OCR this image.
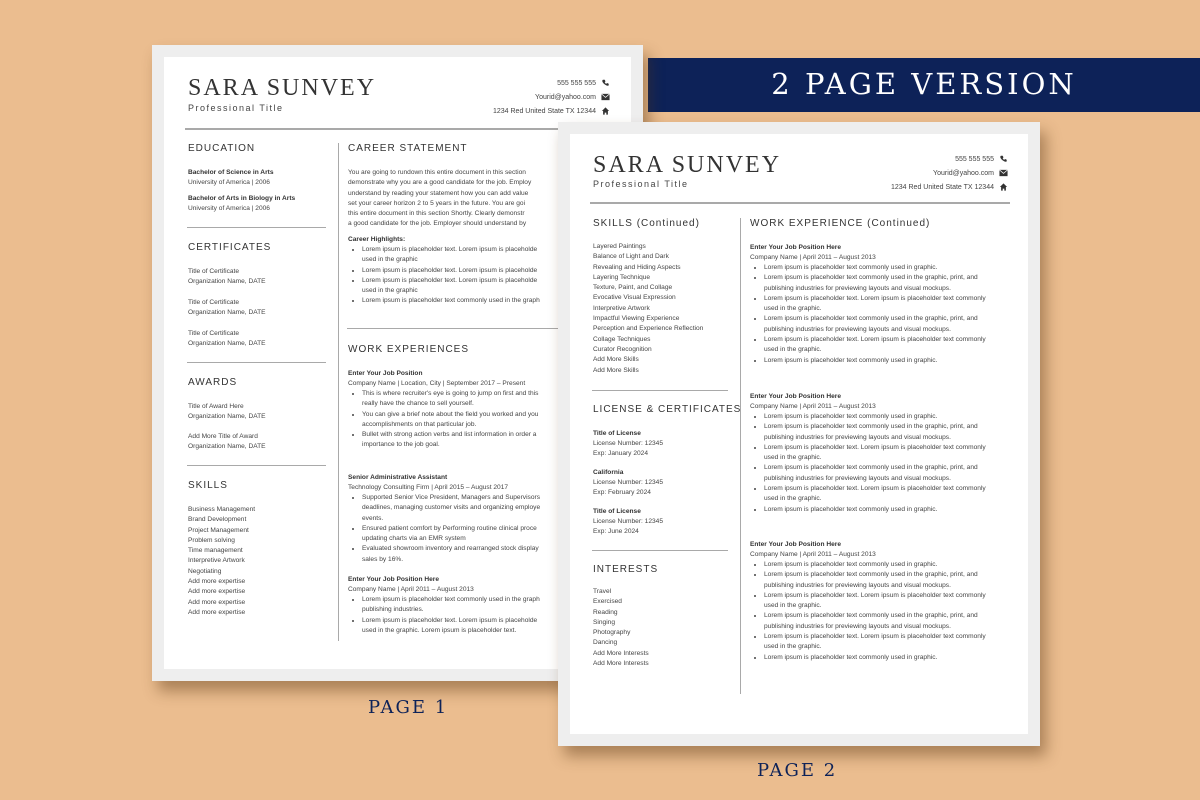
2 PAGE VERSION
SARA SUNVEY
Professional Title
555 555 555
Yourid@yahoo.com
1234 Red United State TX 12344
EDUCATION
Bachelor of Science in Arts
University of America | 2006
Bachelor of Arts in Biology in Arts
University of America | 2006
CERTIFICATES
Title of Certificate
Organization Name, DATE
Title of Certificate
Organization Name, DATE
Title of Certificate
Organization Name, DATE
AWARDS
Title of Award Here
Organization Name, DATE
Add More Title of Award
Organization Name, DATE
SKILLS
Business Management
Brand Development
Project Management
Problem solving
Time management
Interpretive Artwork
Negotiating
Add more expertise
Add more expertise
Add more expertise
Add more expertise
CAREER STATEMENT
You are going to rundown this entire document in this section
demonstrate why you are a good candidate for the job. Employ
understand by reading your statement how you can add value
set your career horizon 2 to 5 years in the future. You are goi
this entire document in this section Shortly. Clearly demonstr
a good candidate for the job. Employer should understand by
Career Highlights:
• Lorem ipsum is placeholder text. Lorem ipsum is placeholde
used in the graphic
• Lorem ipsum is placeholder text. Lorem ipsum is placeholde
• Lorem ipsum is placeholder text. Lorem ipsum is placeholde
used in the graphic
• Lorem ipsum is placeholder text commonly used in the graph
WORK EXPERIENCES
Enter Your Job Position
Company Name | Location, City | September 2017 – Present
• This is where recruiter's eye is going to jump on first and this
really have the chance to sell yourself.
• You can give a brief note about the field you worked and you
accomplishments on that particular job.
• Bullet with strong action verbs and list information in order a
importance to the job goal.
Senior Administrative Assistant
Technology Consulting Firm | April 2015 – August 2017
• Supported Senior Vice President, Managers and Supervisors
deadlines, managing customer visits and organizing employe
events.
• Ensured patient comfort by Performing routine clinical proce
updating charts via an EMR system
• Evaluated showroom inventory and rearranged stock display
sales by 16%.
Enter Your Job Position Here
Company Name | April 2011 – August 2013
• Lorem ipsum is placeholder text commonly used in the graph
publishing industries.
• Lorem ipsum is placeholder text. Lorem ipsum is placeholde
used in the graphic. Lorem ipsum is placeholder text.
PAGE 1
SARA SUNVEY
Professional Title
555 555 555
Yourid@yahoo.com
1234 Red United State TX 12344
SKILLS (Continued)
Layered Paintings
Balance of Light and Dark
Revealing and Hiding Aspects
Layering Technique
Texture, Paint, and Collage
Evocative Visual Expression
Interpretive Artwork
Impactful Viewing Experience
Perception and Experience Reflection
Collage Techniques
Curator Recognition
Add More Skills
Add More Skills
LICENSE & CERTIFICATES
Title of License
License Number: 12345
Exp: January 2024
California
License Number: 12345
Exp: February 2024
Title of License
License Number: 12345
Exp: June 2024
INTERESTS
Travel
Exercised
Reading
Singing
Photography
Dancing
Add More Interests
Add More Interests
WORK EXPERIENCE (Continued)
Enter Your Job Position Here
Company Name | April 2011 – August 2013
• Lorem ipsum is placeholder text commonly used in graphic.
• Lorem ipsum is placeholder text commonly used in the graphic, print, and
publishing industries for previewing layouts and visual mockups.
• Lorem ipsum is placeholder text. Lorem ipsum is placeholder text commonly
used in the graphic.
• Lorem ipsum is placeholder text commonly used in the graphic, print, and
publishing industries for previewing layouts and visual mockups.
• Lorem ipsum is placeholder text. Lorem ipsum is placeholder text commonly
used in the graphic.
• Lorem ipsum is placeholder text commonly used in graphic.
Enter Your Job Position Here
Company Name | April 2011 – August 2013
• Lorem ipsum is placeholder text commonly used in graphic.
• Lorem ipsum is placeholder text commonly used in the graphic, print, and
publishing industries for previewing layouts and visual mockups.
• Lorem ipsum is placeholder text. Lorem ipsum is placeholder text commonly
used in the graphic.
• Lorem ipsum is placeholder text commonly used in the graphic, print, and
publishing industries for previewing layouts and visual mockups.
• Lorem ipsum is placeholder text. Lorem ipsum is placeholder text commonly
used in the graphic.
• Lorem ipsum is placeholder text commonly used in graphic.
Enter Your Job Position Here
Company Name | April 2011 – August 2013
• Lorem ipsum is placeholder text commonly used in graphic.
• Lorem ipsum is placeholder text commonly used in the graphic, print, and
publishing industries for previewing layouts and visual mockups.
• Lorem ipsum is placeholder text. Lorem ipsum is placeholder text commonly
used in the graphic.
• Lorem ipsum is placeholder text commonly used in the graphic, print, and
publishing industries for previewing layouts and visual mockups.
• Lorem ipsum is placeholder text. Lorem ipsum is placeholder text commonly
used in the graphic.
• Lorem ipsum is placeholder text commonly used in graphic.
PAGE 2
